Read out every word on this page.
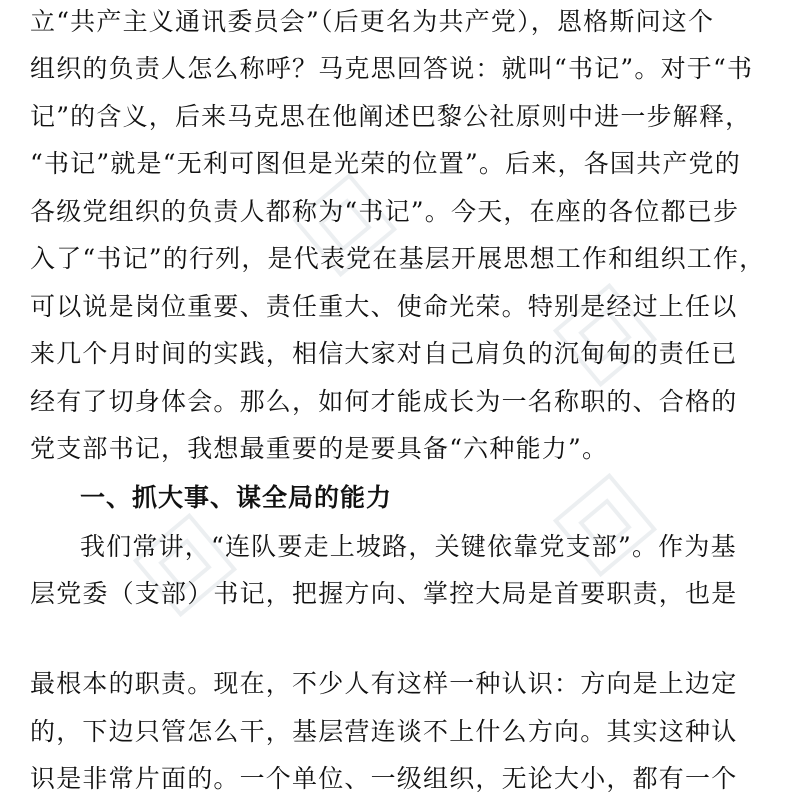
立“共产主义通讯委员会”（后更名为共产党），恩格斯问这个
组织的负责人怎么称呼？马克思回答说：就叫“书记”。对于“书
记”的含义，后来马克思在他阐述巴黎公社原则中进一步解释，
“书记”就是“无利可图但是光荣的位置”。后来，各国共产党的
各级党组织的负责人都称为“书记”。今天，在座的各位都已步
入了“书记”的行列，是代表党在基层开展思想工作和组织工作，
可以说是岗位重要、责任重大、使命光荣。特别是经过上任以
来几个月时间的实践，相信大家对自己肩负的沉甸甸的责任已
经有了切身体会。那么，如何才能成长为一名称职的、合格的
党支部书记，我想最重要的是要具备“六种能力”。
一、抓大事、谋全局的能力
我们常讲，“连队要走上坡路，关键依靠党支部”。作为基
层党委（支部）书记，把握方向、掌控大局是首要职责，也是
最根本的职责。现在，不少人有这样一种认识：方向是上边定
的，下边只管怎么干，基层营连谈不上什么方向。其实这种认
识是非常片面的。一个单位、一级组织，无论大小，都有一个
